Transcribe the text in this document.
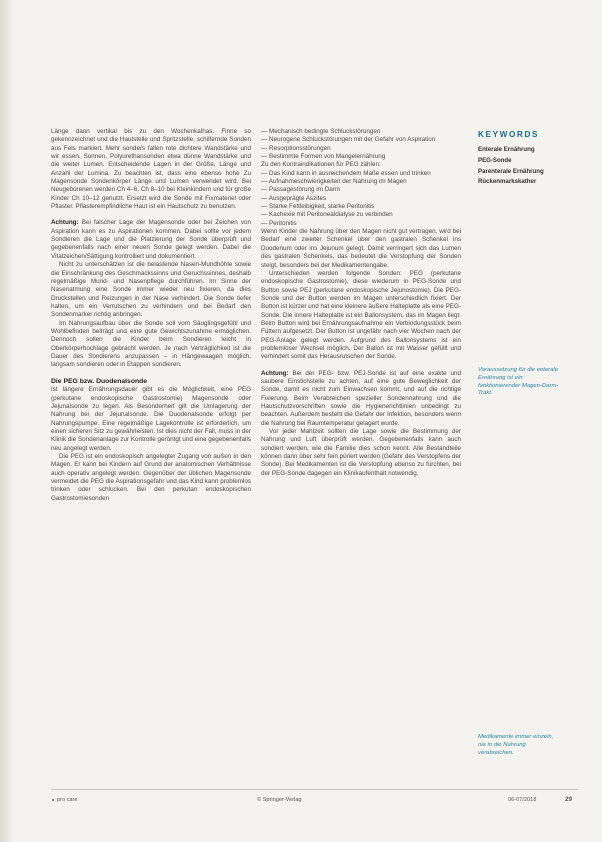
Länge dann vertikal bis zu den Wochenkalhas. Finne so gekennzeichnet und die Hautstelle und Spritzstelle, schilfernde Sonden aus Fels markiert. Mehr sonders fallen rote dichtere Wandstärke und wir essen. Sonnen, Polyurethansonden etwa dünne Wandstärke und die weiter Lumen. Entscheidende Lagen in der Größe, Länge und Anzahl der Lumina. Zu beachten ist, dass eine ebenso hohe Zu Magensonde Sondenkörper Länge und Lumen verwendet wird. Bei Neugeborenen werden Ch 4–6, Ch 8–10 bei Kleinkindern und für große Kinder Ch 10–12 genutzt. Ersetzt wird die Sonde mit Fixmateriel oder Pflaster. Pflasterempfindliche Haut ist ein Hautschutz zu benutzen.

Achtung: Bei falscher Lage der Magensonde oder bei Zeichen von Aspiration kann es zu Aspirationen kommen. Dabei sollte vor jedem Sondieren die Lage und die Platzierung der Sonde überprüft und gegebenenfalls nach einer neuen Sonde gelegt werden. Dabei die Vitalzeichen/Sättigung kontrolliert und dokumentiert.

Nicht zu unterschätzen ist die belastende Nasen-Mundhöhle sowie die Einschränkung des Geschmackssinns und Geruchssinnes, deshalb regelmäßige Mund- und Nasenpflege durchführen. Im Sinne der Nasenatmung eine Sonde immer wieder neu fixieren, da dies Druckstellen und Reizungen in der Nase verhindert. Die Sonde tiefer halten, um ein Verrutschen zu verhindern und bei Bedarf den Sondenmarker richtig anbringen.

Im Nahrungsaufbau über die Sonde soll vom Säuglingsgefühl und Wohlbefinden beiträgt und eine gute Gewichtszunahme ermöglichen. Dennoch sollen die Kinder beim Sondieren leicht in Oberkörperhochlage gebracht werden. Je nach Verträglichkeit ist die Dauer des Sondierens anzupassen – in Hängewaagen möglich, langsam sondieren oder in Etappen sondieren.

Die PEG bzw. Duodenalsonde

Ist längere Ernährungsdauer gibt es die Möglichkeit, eine PEG (perkutane endoskopische Gastrostomie) Magensonde oder Jejunalsonde zu legen. Als Besonderheit gilt die Umlagerung der Nahrung bei der Jejunalsonde. Die Duodenalsonde erfolgt per Nahrungspumpe. Eine regelmäßige Lagekontrolle ist erforderlich, um einen sicheren Sitz zu gewährleisten. Ist dies nicht der Fall, muss in der Klinik die Sondenanlage zur Kontrolle geröntgt und eine gegebenenfalls neu angelegt werden.

Die PEG ist ein endoskopisch angelegter Zugang von außen in den Magen. Er kann bei Kindern auf Grund der anatomischen Verhältnisse auch operativ angelegt werden. Gegenüber der üblichen Magensonde vermeidet die PEG die Aspirationsgefahr und das Kind kann problemlos trinken oder schlucken. Bei den perkutan endoskopischen Gastrostomiesonden

— Mechanisch bedingte Schluckstörungen
— Neurogene Schluckstörungen mit der Gefahr von Aspiration
— Resorptionsstörungen
— Bestimmte Formen von Mangelernährung

Zu den Kontraindikationen für PEG zählen:

— Das Kind kann in ausreichendem Maße essen und trinken
— Aufnahmeschwierigkeiten der Nahrung im Magen
— Passagestörung im Darm
— Ausgeprägte Aszites
— Starke Fettleibigkeit, starke Peritonitis
— Kachexie mit Peritonealdialyse zu verbinden
— Peritonitis

Wenn Kinder die Nahrung über den Magen nicht gut vertragen, wird bei Bedarf eine zweiter Schenkel über den gastralen Schenkel ins Duodenum oder ins Jejunum gelegt. Damit verringert sich das Lumen des gastralen Schenkels, das bedeutet die Verstopfung der Sonden steigt, besonders bei der Medikamentengabe.

Unterschieden werden folgende Sonden: PEG (perkutane endoskopische Gastrostomie), diese wiederum in PEG-Sonde und Button sowie PEJ (perkutane endoskopische Jejunostomie). Die PEG-Sonde und der Button werden im Magen unterschiedlich fixiert. Der Button ist kürzer und hat eine kleinere äußere Halteplatte als eine PEG-Sonde. Die innere Halteplatte ist ein Ballonsystem, das im Magen liegt. Beim Button wird bei Ernährungsaufnahme ein Verbindungsstück beim Füttern aufgesetzt. Der Button ist ungefähr nach vier Wochen nach der PEG-Anlage gelegt werden. Aufgrund des Ballonsystems ist ein problemloser Wechsel möglich. Der Ballon ist mit Wasser gefüllt und verhindert somit das Herausrutschen der Sonde.

Achtung: Bei der PEG- bzw. PEJ-Sonde ist auf eine exakte und saubere Einstichstelle zu achten, auf eine gute Beweglichkeit der Sonde, damit es nicht zum Einwachsen kommt, und auf die richtige Fixierung. Beim Verabreichen spezieller Sondennahrung und die Hautschutzvorschriften sowie die Hygienerichtlinien unbedingt zu beachten. Außerdem besteht die Gefahr der Infektion, besonders wenn die Nahrung bei Raumtemperatur gelagert wurde.

Vor jeder Mahlzeit sollten die Lage sowie die Bestimmung der Nahrung und Luft überprüft werden. Gegebenenfalls kann auch sondiert werden, wie die Familie dies schon kennt. Alle Bestandteile können dann über sehr fein püriert werden (Gefahr des Verstopfens der Sonde). Bei Medikamenten ist die Verstopfung ebenso zu fürchten, bei der PEG-Sonde dagegen ein Klinikaufenthalt notwendig.

KEYWORDS
Enterale Ernährung
PEG-Sonde
Parenterale Ernährung
Rückenmarkskather
Voraussetzung für die enterale Ernährung ist ein funktionierender Magen-Darm-Trakt.
Medikamente immer einzeln, nie in die Nahrung verabreichen.
pro care	© Springer-Verlag	06-07/2018	29
